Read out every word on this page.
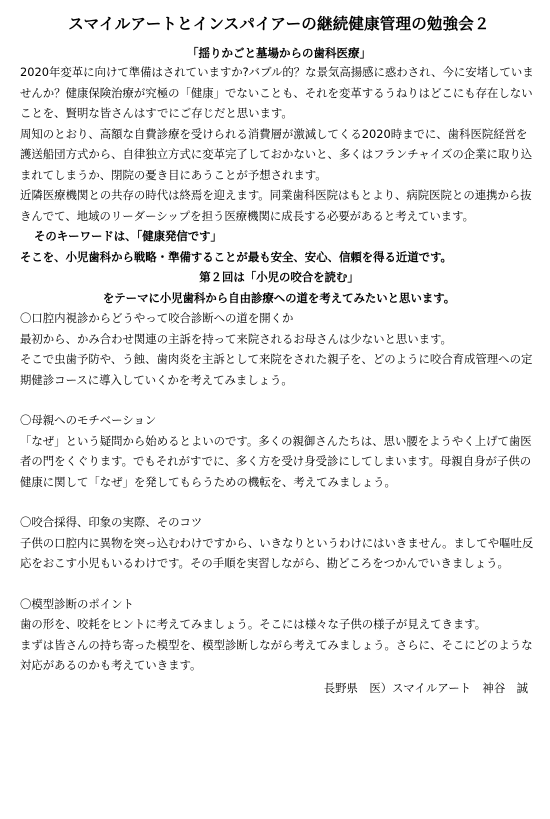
スマイルアートとインスパイアーの継続健康管理の勉強会２
「揺りかごと墓場からの歯科医療」

2020年変革に向けて準備はされていますか?バブル的？な景気高揚感に惑わされ、今に安堵していませんか？健康保険治療が究極の「健康」でないことも、それを変革するうねりはどこにも存在しないことを、賢明な皆さんはすでにご存じだと思います。

周知のとおり、高額な自費診療を受けられる消費層が激減してくる2020時までに、歯科医院経営を護送船団方式から、自律独立方式に変革完了しておかないと、多くはフランチャイズの企業に取り込まれてしまうか、閉院の憂き目にあうことが予想されます。

近隣医療機関との共存の時代は終焉を迎えます。同業歯科医院はもとより、病院医院との連携から抜きんでて、地域のリーダーシップを担う医療機関に成長する必要があると考えています。

そのキーワードは、「健康発信です」

そこを、小児歯科から戦略・準備することが最も安全、安心、信頼を得る近道です。

第２回は「小児の咬合を読む」

をテーマに小児歯科から自由診療への道を考えてみたいと思います。

〇口腔内視診からどうやって咬合診断への道を開くか

最初から、かみ合わせ関連の主訴を持って来院されるお母さんは少ないと思います。

そこで虫歯予防や、う蝕、歯肉炎を主訴として来院をされた親子を、どのように咬合育成管理への定期健診コースに導入していくかを考えてみましょう。

〇母親へのモチベーション

「なぜ」という疑問から始めるとよいのです。多くの親御さんたちは、思い腰をようやく上げて歯医者の門をくぐります。でもそれがすでに、多く方を受け身受診にしてしまいます。母親自身が子供の健康に関して「なぜ」を発してもらうための機転を、考えてみましょう。

〇咬合採得、印象の実際、そのコツ

子供の口腔内に異物を突っ込むわけですから、いきなりというわけにはいきません。ましてや嘔吐反応をおこす小児もいるわけです。その手順を実習しながら、勘どころをつかんでいきましょう。

〇模型診断のポイント

歯の形を、咬耗をヒントに考えてみましょう。そこには様々な子供の様子が見えてきます。

まずは皆さんの持ち寄った模型を、模型診断しながら考えてみましょう。さらに、そこにどのような対応があるのかも考えていきます。

長野県　医）スマイルアート　神谷　誠
